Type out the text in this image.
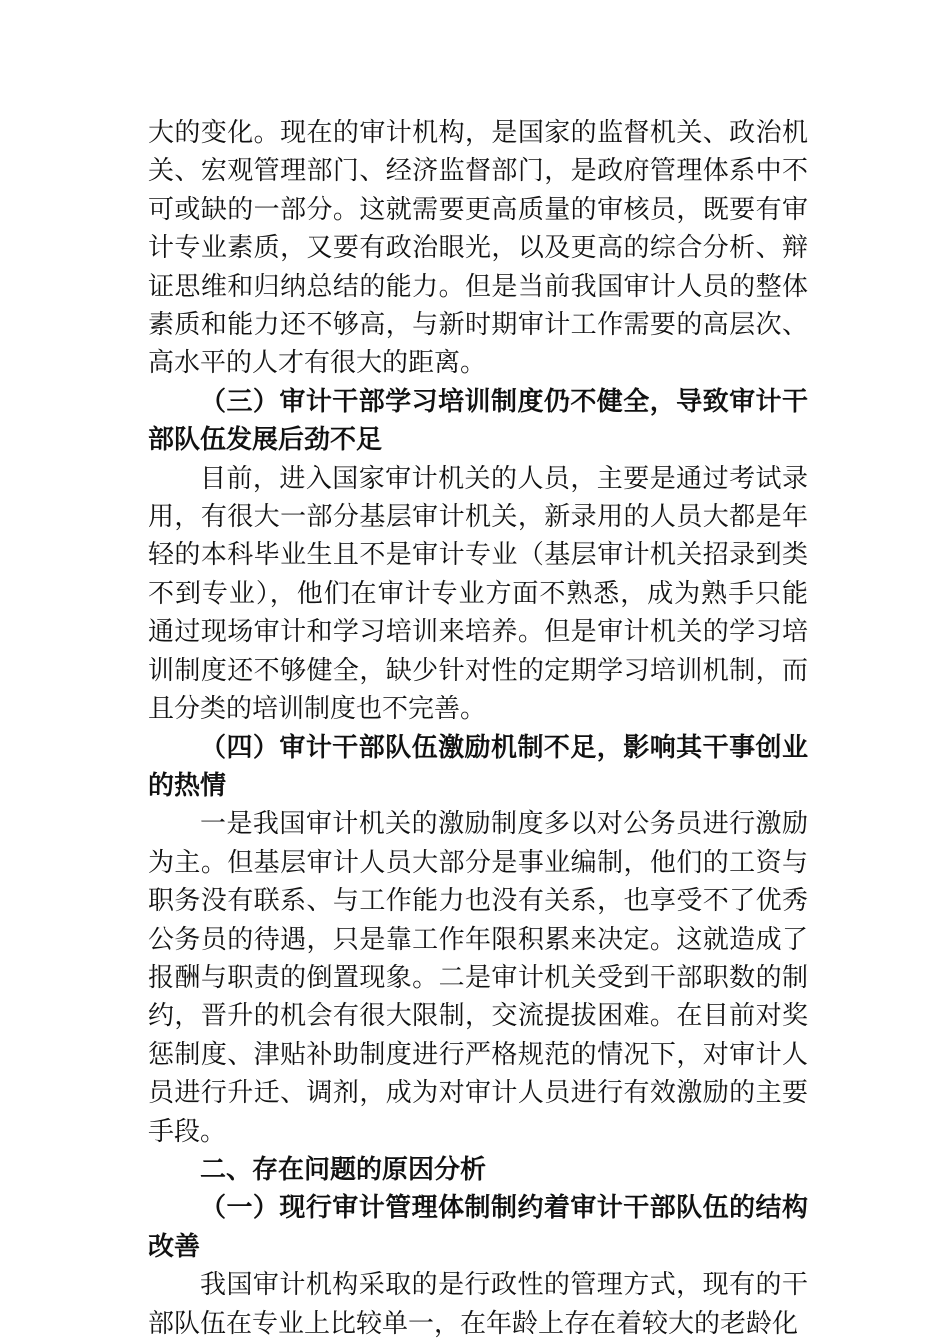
大的变化。现在的审计机构，是国家的监督机关、政治机关、宏观管理部门、经济监督部门，是政府管理体系中不可或缺的一部分。这就需要更高质量的审核员，既要有审计专业素质，又要有政治眼光，以及更高的综合分析、辩证思维和归纳总结的能力。但是当前我国审计人员的整体素质和能力还不够高，与新时期审计工作需要的高层次、高水平的人才有很大的距离。

（三）审计干部学习培训制度仍不健全，导致审计干部队伍发展后劲不足

目前，进入国家审计机关的人员，主要是通过考试录用，有很大一部分基层审计机关，新录用的人员大都是年轻的本科毕业生且不是审计专业（基层审计机关招录到类不到专业），他们在审计专业方面不熟悉，成为熟手只能通过现场审计和学习培训来培养。但是审计机关的学习培训制度还不够健全，缺少针对性的定期学习培训机制，而且分类的培训制度也不完善。

（四）审计干部队伍激励机制不足，影响其干事创业的热情

一是我国审计机关的激励制度多以对公务员进行激励为主。但基层审计人员大部分是事业编制，他们的工资与职务没有联系、与工作能力也没有关系，也享受不了优秀公务员的待遇，只是靠工作年限积累来决定。这就造成了报酬与职责的倒置现象。二是审计机关受到干部职数的制约，晋升的机会有很大限制，交流提拔困难。在目前对奖惩制度、津贴补助制度进行严格规范的情况下，对审计人员进行升迁、调剂，成为对审计人员进行有效激励的主要手段。

二、存在问题的原因分析

（一）现行审计管理体制制约着审计干部队伍的结构改善

我国审计机构采取的是行政性的管理方式，现有的干部队伍在专业上比较单一，在年龄上存在着较大的老龄化
